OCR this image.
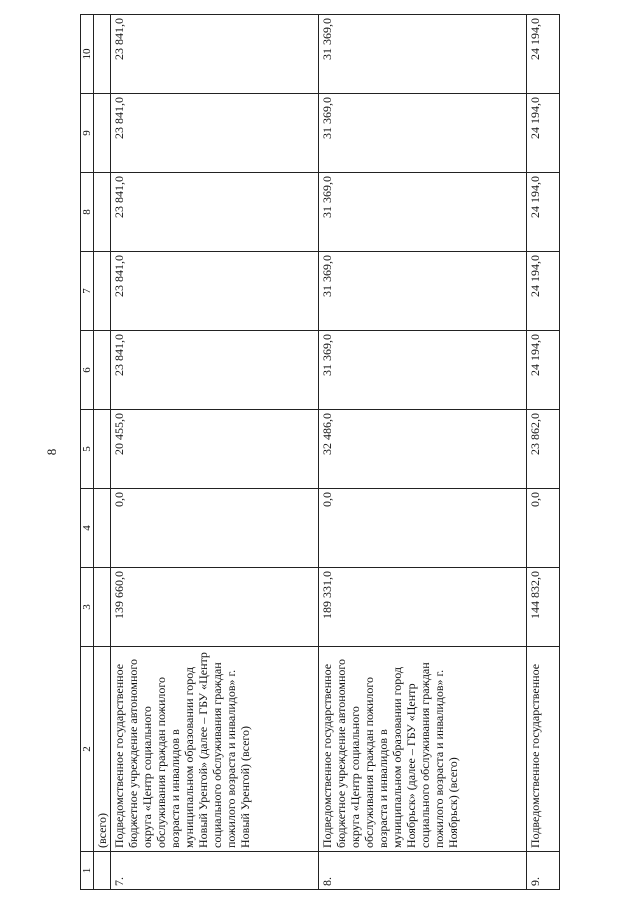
8
1	2	3	4	5	6	7	8	9	10
	(всего)								
7.	Подведомственное государственное бюджетное учреждение автономного округа «Центр социального обслуживания граждан пожилого возраста и инвалидов в муниципальном образовании город Новый Уренгой» (далее – ГБУ «Центр социального обслуживания граждан пожилого возраста и инвалидов» г. Новый Уренгой) (всего)	139 660,0	0,0	20 455,0	23 841,0	23 841,0	23 841,0	23 841,0	23 841,0
8.	Подведомственное государственное бюджетное учреждение автономного округа «Центр социального обслуживания граждан пожилого возраста и инвалидов в муниципальном образовании город Ноябрьск» (далее – ГБУ «Центр социального обслуживания граждан пожилого возраста и инвалидов» г. Ноябрьск) (всего)	189 331,0	0,0	32 486,0	31 369,0	31 369,0	31 369,0	31 369,0	31 369,0
9.	Подведомственное государственное	144 832,0	0,0	23 862,0	24 194,0	24 194,0	24 194,0	24 194,0	24 194,0
